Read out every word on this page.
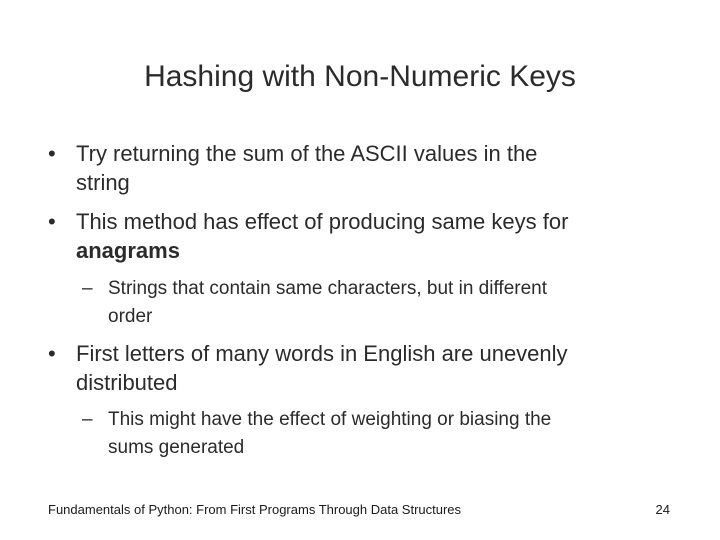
Hashing with Non-Numeric Keys
• Try returning the sum of the ASCII values in the
string
• This method has effect of producing same keys for
anagrams
– Strings that contain same characters, but in different
order
• First letters of many words in English are unevenly
distributed
– This might have the effect of weighting or biasing the
sums generated
Fundamentals of Python: From First Programs Through Data Structures	24
